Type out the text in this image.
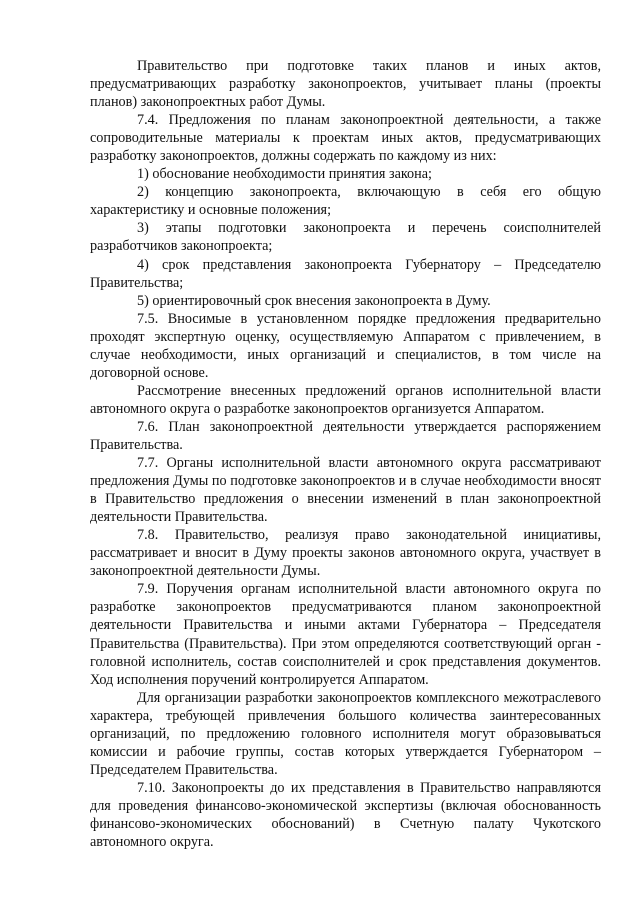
Правительство при подготовке таких планов и иных актов, предусматривающих разработку законопроектов, учитывает планы (проекты планов) законопроектных работ Думы.

7.4. Предложения по планам законопроектной деятельности, а также сопроводительные материалы к проектам иных актов, предусматривающих разработку законопроектов, должны содержать по каждому из них:

1) обоснование необходимости принятия закона;

2) концепцию законопроекта, включающую в себя его общую характеристику и основные положения;

3) этапы подготовки законопроекта и перечень соисполнителей разработчиков законопроекта;

4) срок представления законопроекта Губернатору – Председателю Правительства;

5) ориентировочный срок внесения законопроекта в Думу.

7.5. Вносимые в установленном порядке предложения предварительно проходят экспертную оценку, осуществляемую Аппаратом с привлечением, в случае необходимости, иных организаций и специалистов, в том числе на договорной основе.

Рассмотрение внесенных предложений органов исполнительной власти автономного округа о разработке законопроектов организуется Аппаратом.

7.6. План законопроектной деятельности утверждается распоряжением Правительства.

7.7. Органы исполнительной власти автономного округа рассматривают предложения Думы по подготовке законопроектов и в случае необходимости вносят в Правительство предложения о внесении изменений в план законопроектной деятельности Правительства.

7.8. Правительство, реализуя право законодательной инициативы, рассматривает и вносит в Думу проекты законов автономного округа, участвует в законопроектной деятельности Думы.

7.9. Поручения органам исполнительной власти автономного округа по разработке законопроектов предусматриваются планом законопроектной деятельности Правительства и иными актами Губернатора – Председателя Правительства (Правительства). При этом определяются соответствующий орган - головной исполнитель, состав соисполнителей и срок представления документов. Ход исполнения поручений контролируется Аппаратом.

Для организации разработки законопроектов комплексного межотраслевого характера, требующей привлечения большого количества заинтересованных организаций, по предложению головного исполнителя могут образовываться комиссии и рабочие группы, состав которых утверждается Губернатором – Председателем Правительства.

7.10. Законопроекты до их представления в Правительство направляются для проведения финансово-экономической экспертизы (включая обоснованность финансово-экономических обоснований) в Счетную палату Чукотского автономного округа.
